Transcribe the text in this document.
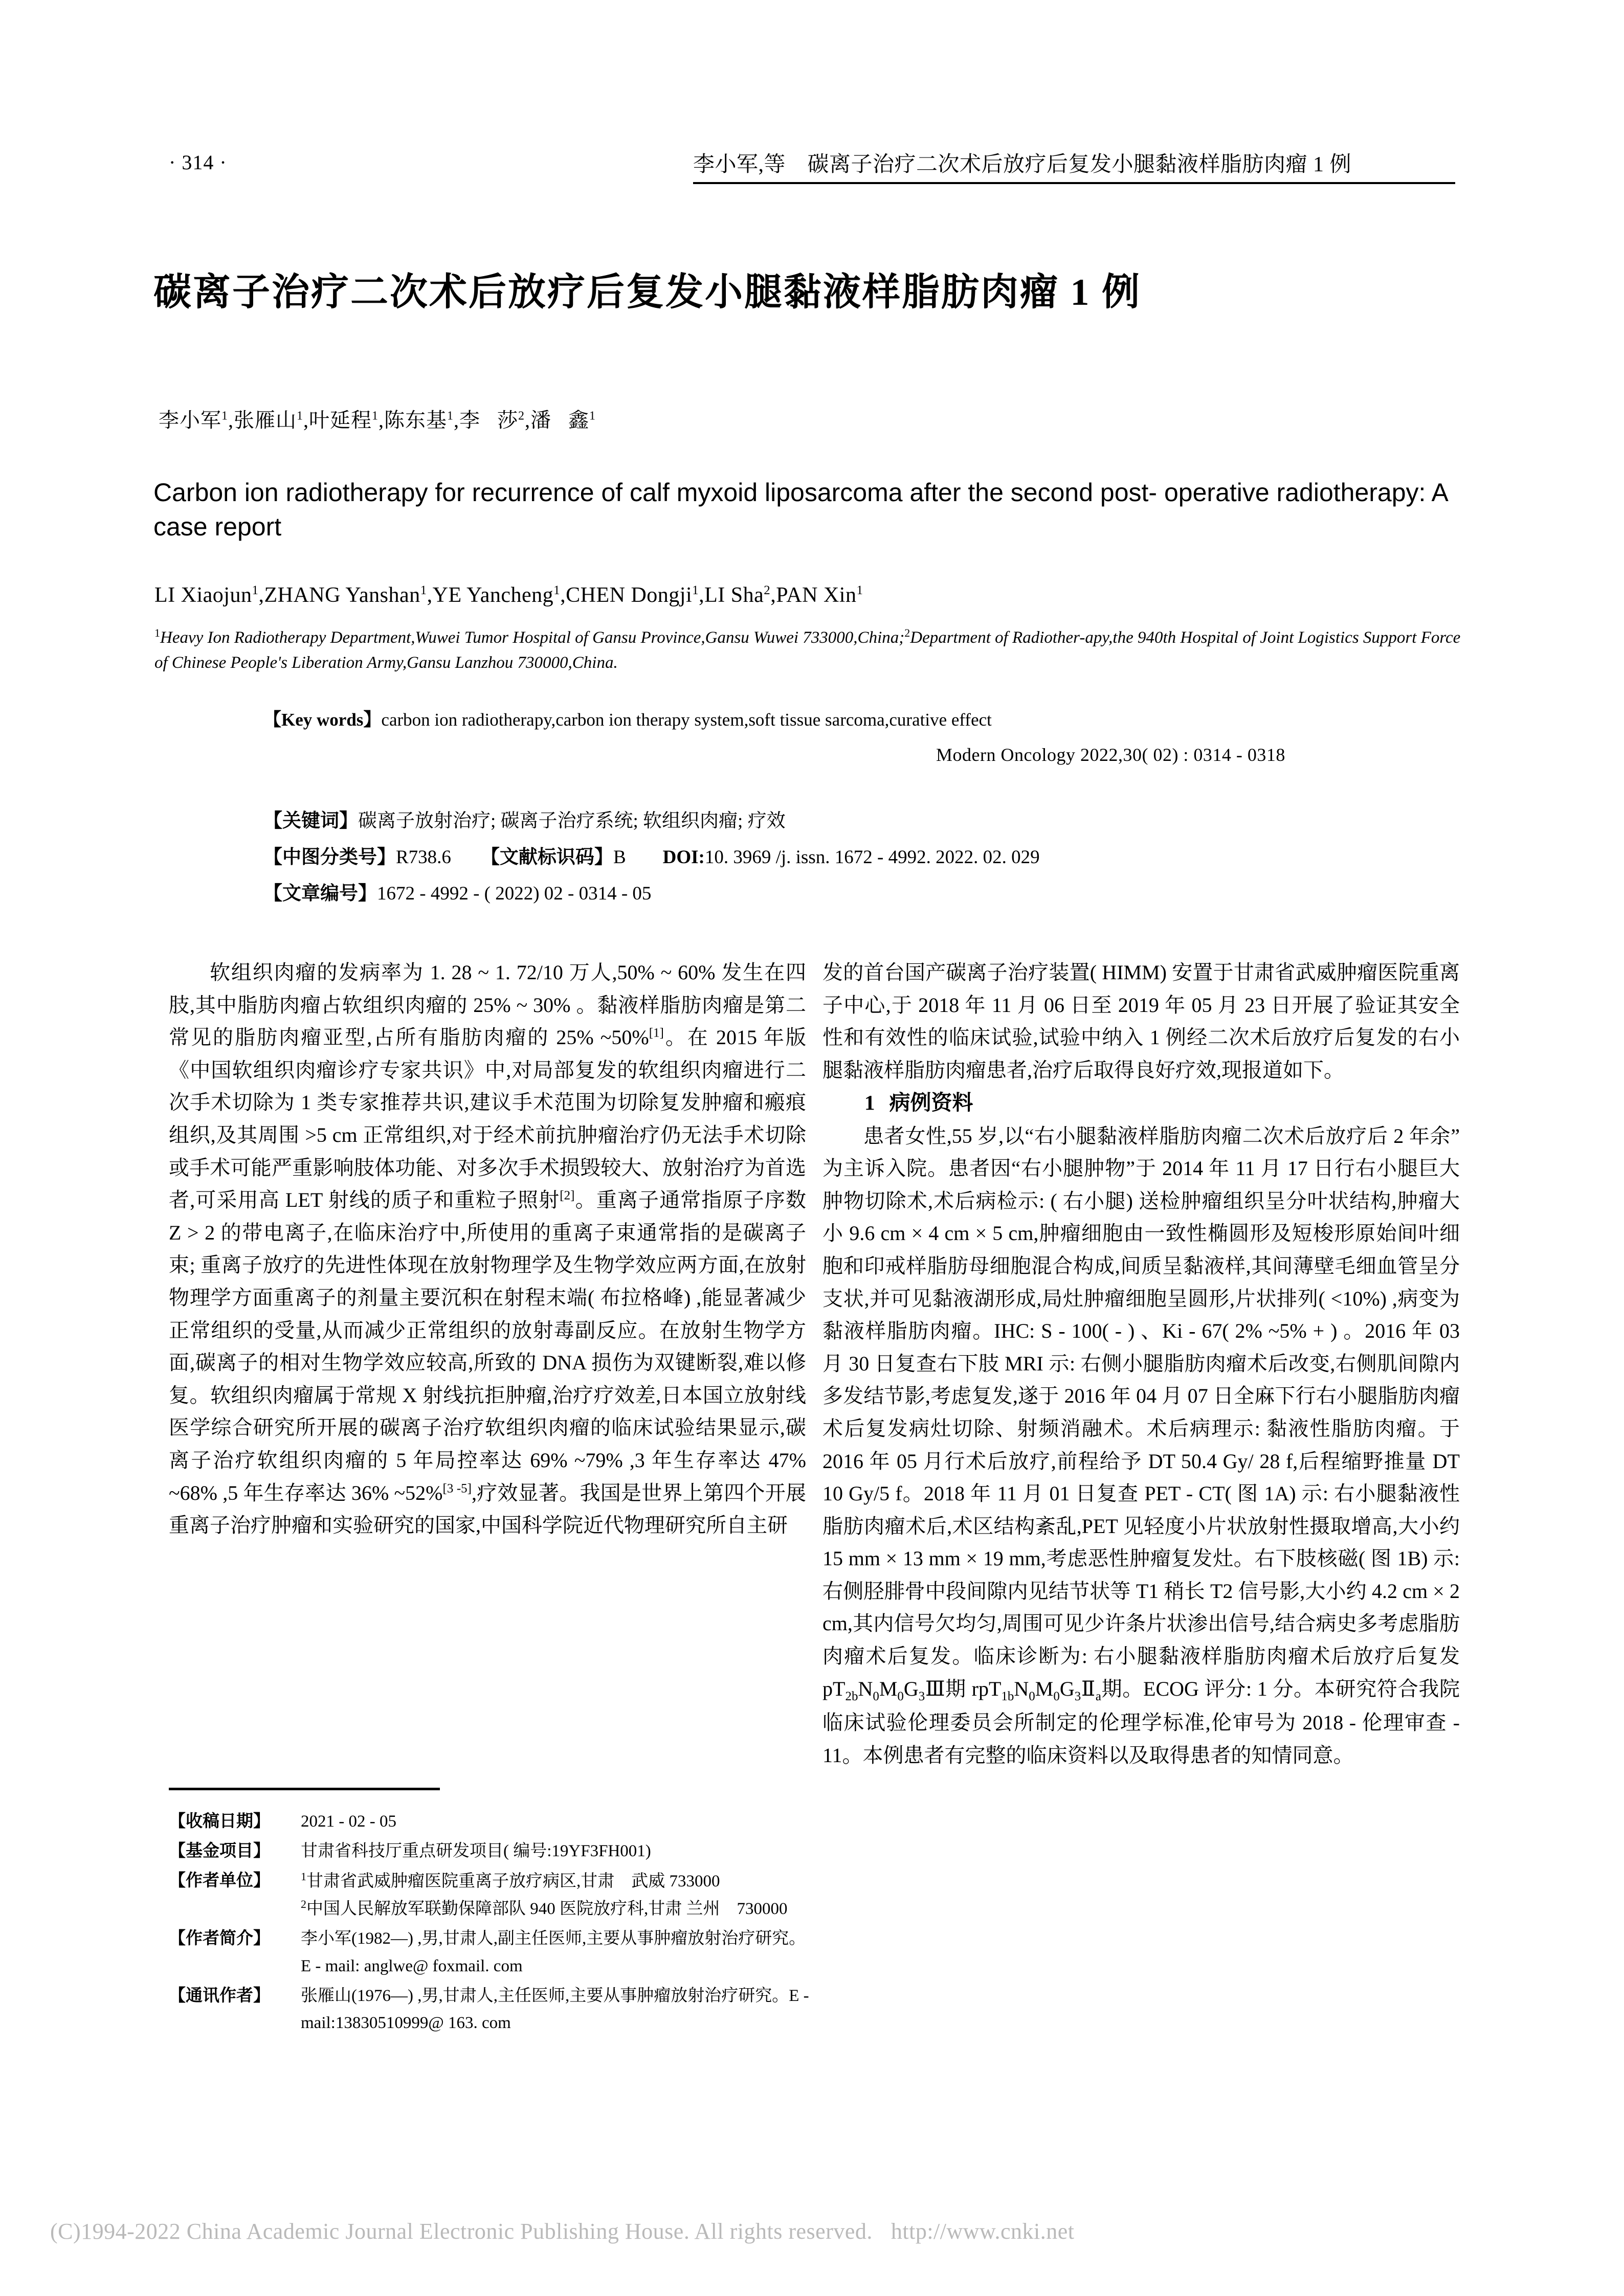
· 314 ·	李小军,等　碳离子治疗二次术后放疗后复发小腿黏液样脂肪肉瘤 1 例
碳离子治疗二次术后放疗后复发小腿黏液样脂肪肉瘤 1 例
李小军$^1$,张雁山$^1$,叶延程$^1$,陈东基$^1$,李   莎$^2$,潘   鑫$^1$
Carbon ion radiotherapy for recurrence of calf myxoid liposarcoma after the second post- operative radiotherapy: A case report
LI Xiaojun$^1$,ZHANG Yanshan$^1$,YE Yancheng$^1$,CHEN Dongji$^1$,LI Sha$^2$,PAN Xin$^1$
$^1$Heavy Ion Radiotherapy Department,Wuwei Tumor Hospital of Gansu Province,Gansu Wuwei 733000,China;$^2$Department of Radiother-apy,the 940th Hospital of Joint Logistics Support Force of Chinese People's Liberation Army,Gansu Lanzhou 730000,China.
【Key words】carbon ion radiotherapy,carbon ion therapy system,soft tissue sarcoma,curative effect
Modern Oncology 2022,30( 02) : 0314 - 0318
【关键词】碳离子放射治疗; 碳离子治疗系统; 软组织肉瘤; 疗效
【中图分类号】R738.6 【文献标识码】B DOI:10. 3969 /j. issn. 1672 - 4992. 2022. 02. 029
【文章编号】1672 - 4992 - ( 2022) 02 - 0314 - 05

软组织肉瘤的发病率为 1. 28 ~ 1. 72/10 万人,50% ~ 60% 发生在四肢,其中脂肪肉瘤占软组织肉瘤的 25% ~ 30% 。黏液样脂肪肉瘤是第二常见的脂肪肉瘤亚型,占所有脂肪肉瘤的 25% ~50%[1]。在 2015 年版《中国软组织肉瘤诊疗专家共识》中,对局部复发的软组织肉瘤进行二次手术切除为 1 类专家推荐共识,建议手术范围为切除复发肿瘤和瘢痕组织,及其周围 >5 cm 正常组织,对于经术前抗肿瘤治疗仍无法手术切除或手术可能严重影响肢体功能、对多次手术损毁较大、放射治疗为首选者,可采用高 LET 射线的质子和重粒子照射[2]。重离子通常指原子序数 Z > 2 的带电离子,在临床治疗中,所使用的重离子束通常指的是碳离子束; 重离子放疗的先进性体现在放射物理学及生物学效应两方面,在放射物理学方面重离子的剂量主要沉积在射程末端( 布拉格峰) ,能显著减少正常组织的受量,从而减少正常组织的放射毒副反应。在放射生物学方面,碳离子的相对生物学效应较高,所致的 DNA 损伤为双键断裂,难以修复。软组织肉瘤属于常规 X 射线抗拒肿瘤,治疗疗效差,日本国立放射线医学综合研究所开展的碳离子治疗软组织肉瘤的临床试验结果显示,碳离子治疗软组织肉瘤的 5 年局控率达 69% ~79% ,3 年生存率达 47% ~68% ,5 年生存率达 36% ~52%[3 -5],疗效显著。我国是世界上第四个开展重离子治疗肿瘤和实验研究的国家,中国科学院近代物理研究所自主研

发的首台国产碳离子治疗装置( HIMM) 安置于甘肃省武威肿瘤医院重离子中心,于 2018 年 11 月 06 日至 2019 年 05 月 23 日开展了验证其安全性和有效性的临床试验,试验中纳入 1 例经二次术后放疗后复发的右小腿黏液样脂肪肉瘤患者,治疗后取得良好疗效,现报道如下。

1 病例资料

患者女性,55 岁,以“右小腿黏液样脂肪肉瘤二次术后放疗后 2 年余”为主诉入院。患者因“右小腿肿物”于 2014 年 11 月 17 日行右小腿巨大肿物切除术,术后病检示: ( 右小腿) 送检肿瘤组织呈分叶状结构,肿瘤大小 9.6 cm × 4 cm × 5 cm,肿瘤细胞由一致性椭圆形及短梭形原始间叶细胞和印戒样脂肪母细胞混合构成,间质呈黏液样,其间薄壁毛细血管呈分支状,并可见黏液湖形成,局灶肿瘤细胞呈圆形,片状排列( <10%) ,病变为 黏液样脂肪肉瘤。IHC: S - 100( - ) 、Ki - 67( 2% ~5% + ) 。2016 年 03 月 30 日复查右下肢 MRI 示: 右侧小腿脂肪肉瘤术后改变,右侧肌间隙内多发结节影,考虑复发,遂于 2016 年 04 月 07 日全麻下行右小腿脂肪肉瘤术后复发病灶切除、射频消融术。术后病理示: 黏液性脂肪肉瘤。于 2016 年 05 月行术后放疗,前程给予 DT 50.4 Gy/ 28 f,后程缩野推量 DT 10 Gy/5 f。2018 年 11 月 01 日复查 PET - CT( 图 1A) 示: 右小腿黏液性脂肪肉瘤术后,术区结构紊乱,PET 见轻度小片状放射性摄取增高,大小约 15 mm × 13 mm × 19 mm,考虑恶性肿瘤复发灶。右下肢核磁( 图 1B) 示: 右侧胫腓骨中段间隙内见结节状等 T1 稍长 T2 信号影,大小约 4.2 cm × 2 cm,其内信号欠均匀,周围可见少许条片状渗出信号,结合病史多考虑脂肪肉瘤术后复发。临床诊断为: 右小腿黏液样脂肪肉瘤术后放疗后复发 $pT_{2b}N_0M_0G_3Ⅲ$期 $rpT_{1b}N_0M_0G_3Ⅱ_a$期。ECOG 评分: 1 分。本研究符合我院临床试验伦理委员会所制定的伦理学标准,伦审号为 2018 - 伦理审查 - 11。本例患者有完整的临床资料以及取得患者的知情同意。

【收稿日期】	2021 - 02 - 05
【基金项目】	甘肃省科技厅重点研发项目( 编号:19YF3FH001)
【作者单位】	$^1$甘肃省武威肿瘤医院重离子放疗病区,甘肃　武威 733000
$^2$中国人民解放军联勤保障部队 940 医院放疗科,甘肃 兰州　730000
【作者简介】	李小军(1982—) ,男,甘肃人,副主任医师,主要从事肿瘤放射治疗研究。E - mail: anglwe@ foxmail. com
【通讯作者】	张雁山(1976—) ,男,甘肃人,主任医师,主要从事肿瘤放射治疗研究。E - mail:13830510999@ 163. com
(C)1994-2022 China Academic Journal Electronic Publishing House. All rights reserved. http://www.cnki.net
